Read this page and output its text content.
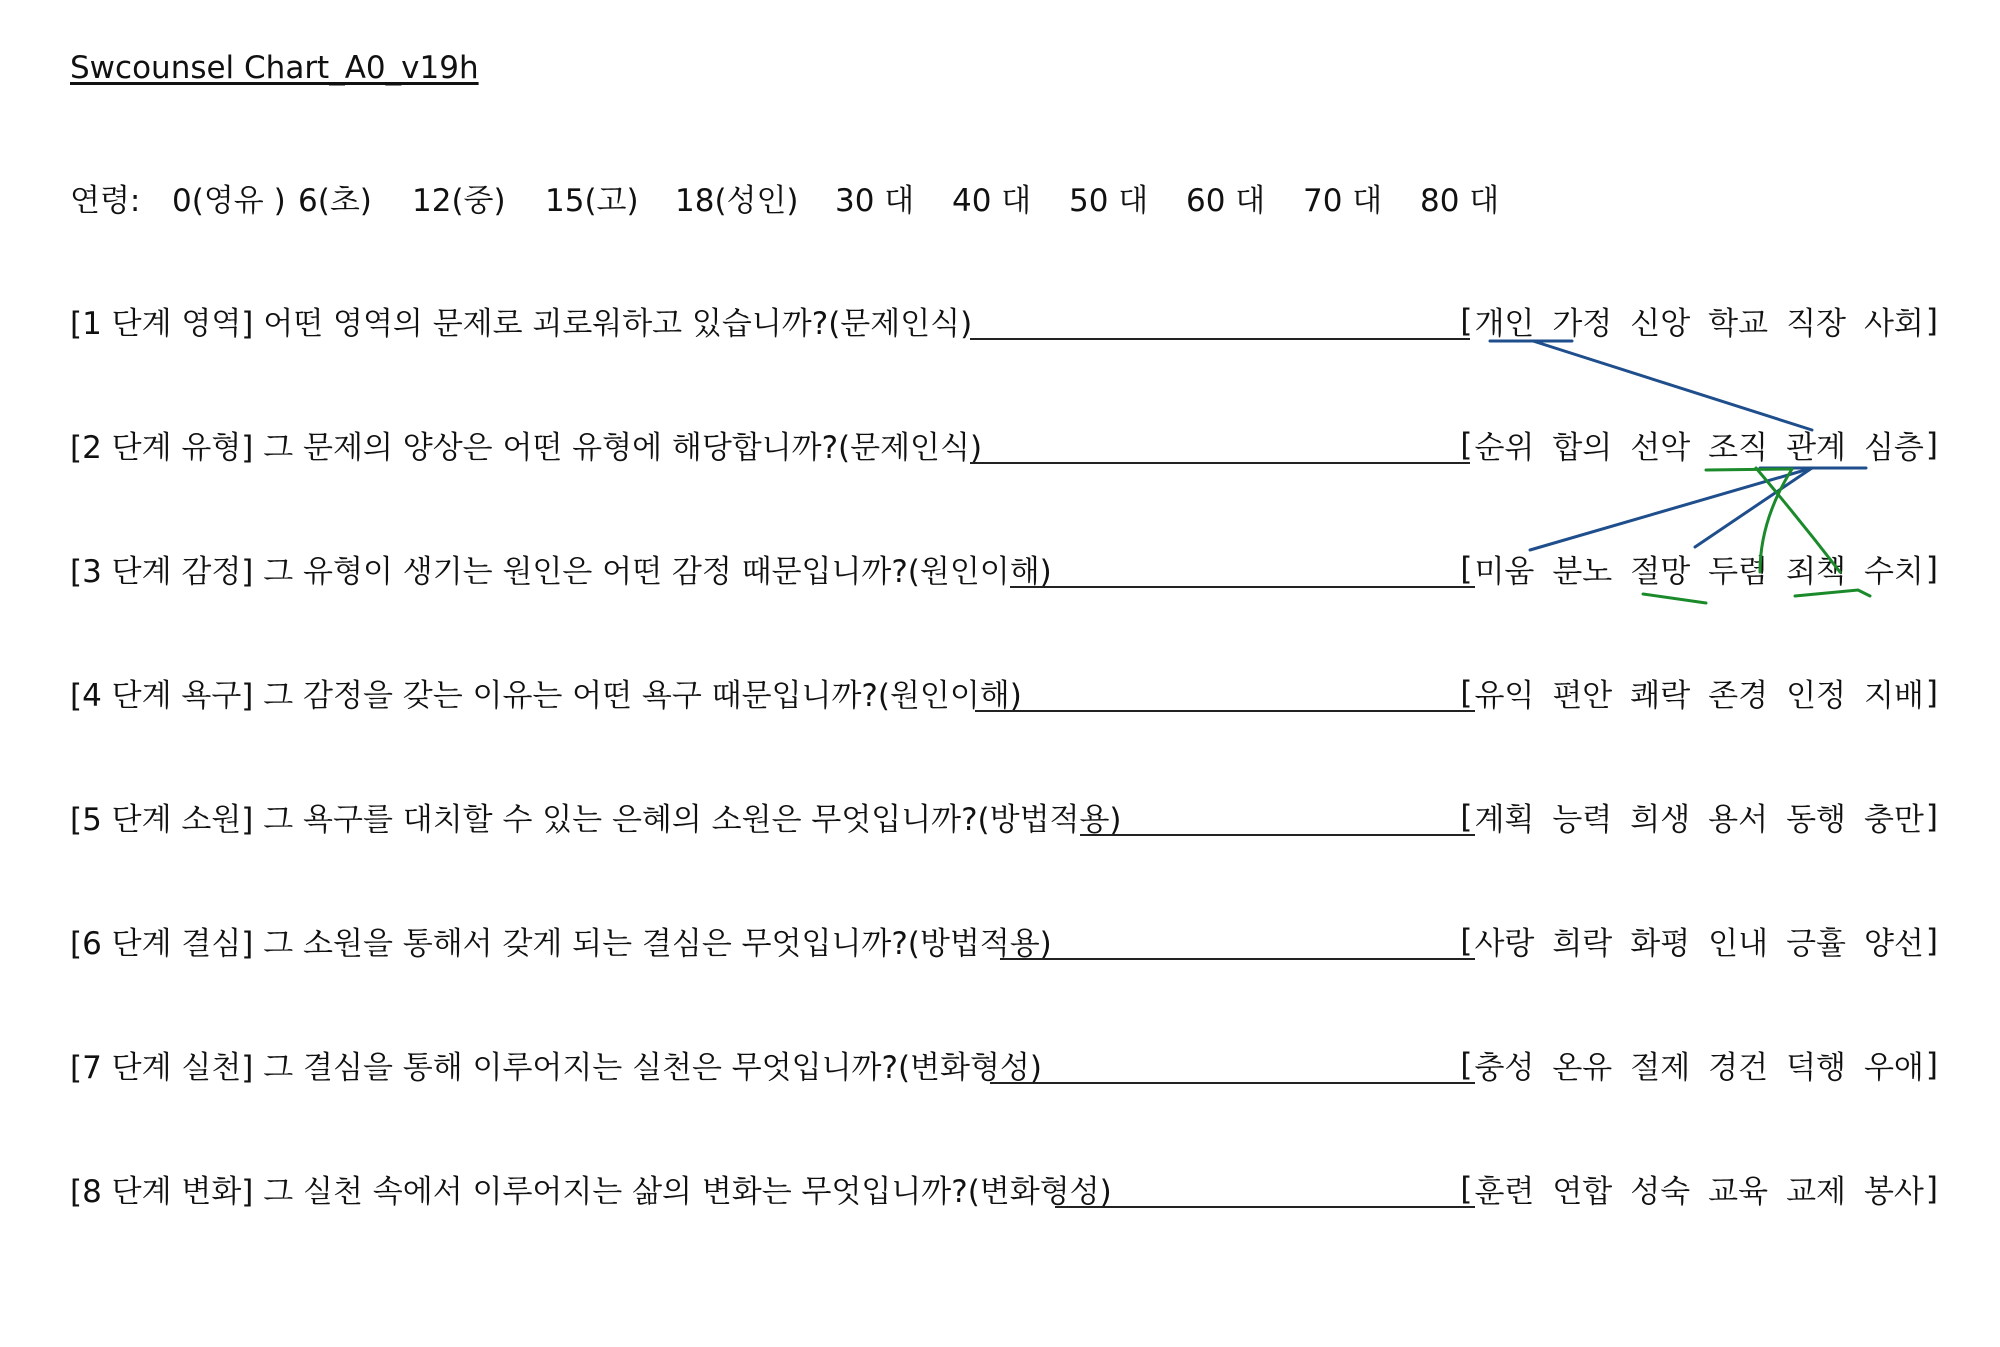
Swcounsel Chart_A0_v19h
연령: 0(영유 ) 6(초) 12(중) 15(고) 18(성인) 30 대 40 대 50 대 60 대 70 대 80 대
[1 단계 영역] 어떤 영역의 문제로 괴로워하고 있습니까?(문제인식)	[ 개인 가정 신앙 학교 직장 사회 ]
[2 단계 유형] 그 문제의 양상은 어떤 유형에 해당합니까?(문제인식)	[ 순위 합의 선악 조직 관계 심층 ]
[3 단계 감정] 그 유형이 생기는 원인은 어떤 감정 때문입니까?(원인이해)	[ 미움 분노 절망 두렴 죄책 수치 ]
[4 단계 욕구] 그 감정을 갖는 이유는 어떤 욕구 때문입니까?(원인이해)	[ 유익 편안 쾌락 존경 인정 지배 ]
[5 단계 소원] 그 욕구를 대치할 수 있는 은혜의 소원은 무엇입니까?(방법적용)	[ 계획 능력 희생 용서 동행 충만 ]
[6 단계 결심] 그 소원을 통해서 갖게 되는 결심은 무엇입니까?(방법적용)	[ 사랑 희락 화평 인내 긍휼 양선 ]
[7 단계 실천] 그 결심을 통해 이루어지는 실천은 무엇입니까?(변화형성)	[ 충성 온유 절제 경건 덕행 우애 ]
[8 단계 변화] 그 실천 속에서 이루어지는 삶의 변화는 무엇입니까?(변화형성)	[ 훈련 연합 성숙 교육 교제 봉사 ]
